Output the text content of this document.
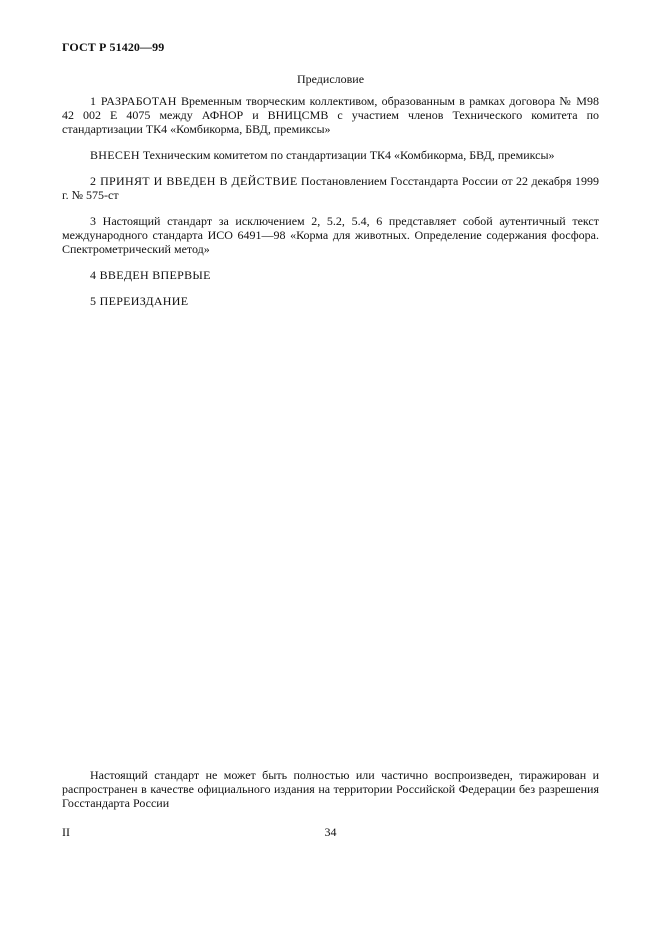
ГОСТ Р 51420—99
Предисловие

1 РАЗРАБОТАН Временным творческим коллективом, образованным в рамках договора № М98 42 002 Е 4075 между АФНОР и ВНИЦСМВ с участием членов Технического комитета по стандартизации ТК4 «Комбикорма, БВД, премиксы»

ВНЕСЕН Техническим комитетом по стандартизации ТК4 «Комбикорма, БВД, премиксы»

2 ПРИНЯТ И ВВЕДЕН В ДЕЙСТВИЕ Постановлением Госстандарта России от 22 декабря 1999 г. № 575-ст

3 Настоящий стандарт за исключением 2, 5.2, 5.4, 6 представляет собой аутентичный текст международного стандарта ИСО 6491—98 «Корма для животных. Определение содержания фосфора. Спектрометрический метод»

4 ВВЕДЕН ВПЕРВЫЕ

5 ПЕРЕИЗДАНИЕ

Настоящий стандарт не может быть полностью или частично воспроизведен, тиражирован и распространен в качестве официального издания на территории Российской Федерации без разрешения Госстандарта России

II	34
